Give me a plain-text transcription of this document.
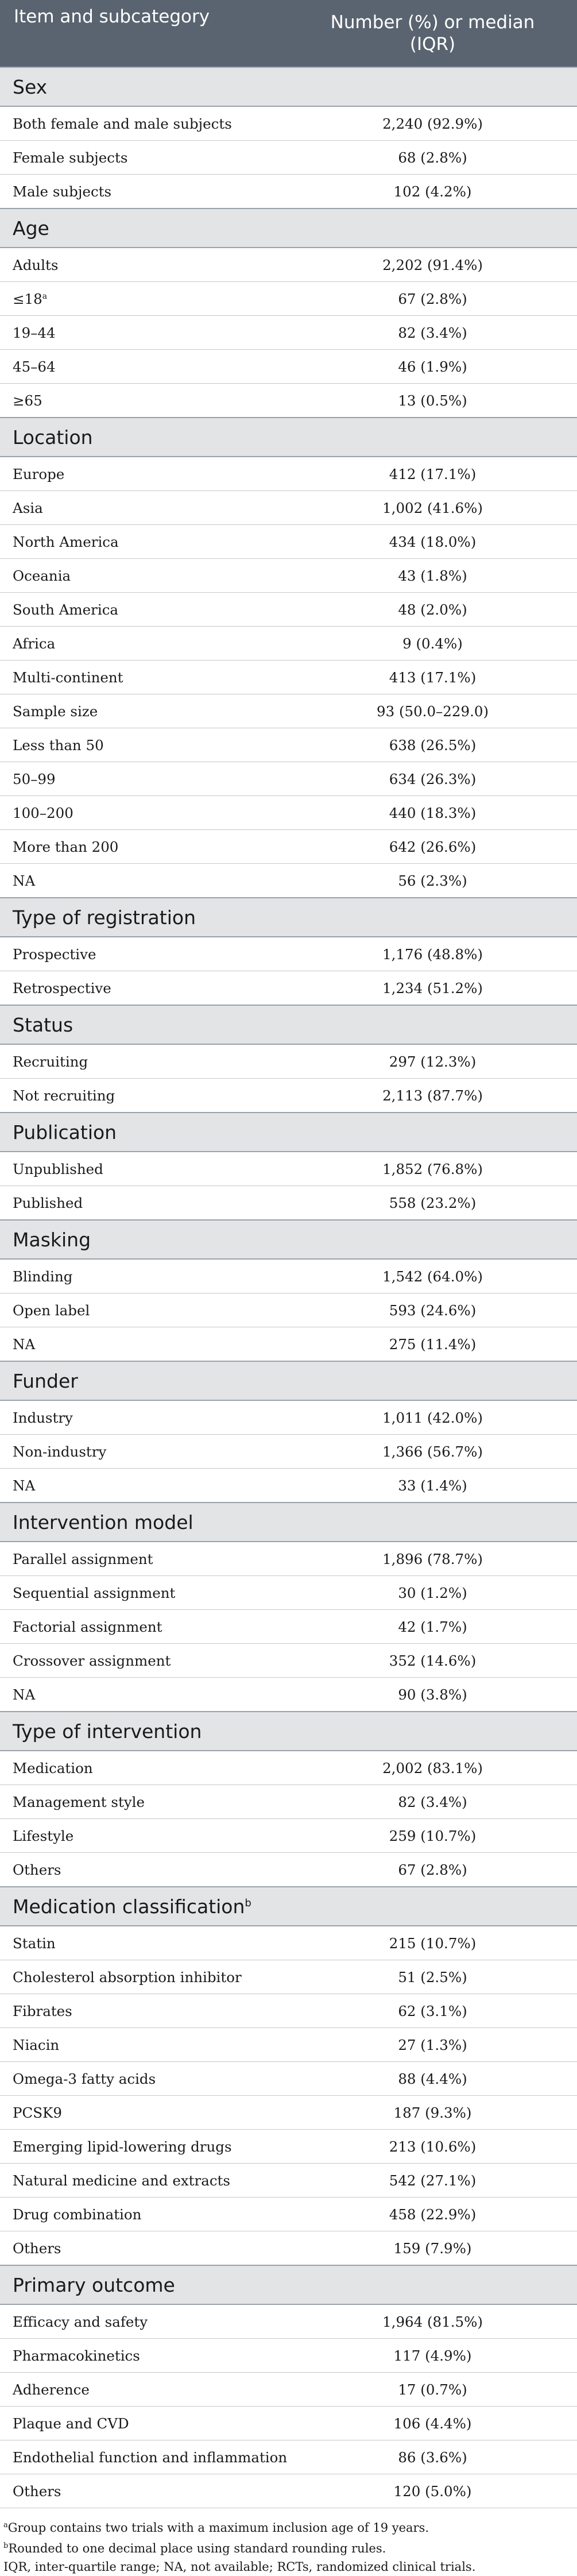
Item and subcategory	Number (%) or median
(IQR)

Sex	
Both female and male subjects	2,240 (92.9%)
Female subjects	68 (2.8%)
Male subjects	102 (4.2%)
Age	
Adults	2,202 (91.4%)
$\le 18^a$	67 (2.8%)
19–44	82 (3.4%)
45–64	46 (1.9%)
≥65	13 (0.5%)
Location	
Europe	412 (17.1%)
Asia	1,002 (41.6%)
North America	434 (18.0%)
Oceania	43 (1.8%)
South America	48 (2.0%)
Africa	9 (0.4%)
Multi-continent	413 (17.1%)
Sample size	93 (50.0–229.0)
Less than 50	638 (26.5%)
50–99	634 (26.3%)
100–200	440 (18.3%)
More than 200	642 (26.6%)
NA	56 (2.3%)
Type of registration	
Prospective	1,176 (48.8%)
Retrospective	1,234 (51.2%)
Status	
Recruiting	297 (12.3%)
Not recruiting	2,113 (87.7%)
Publication	
Unpublished	1,852 (76.8%)
Published	558 (23.2%)
Masking	
Blinding	1,542 (64.0%)
Open label	593 (24.6%)
NA	275 (11.4%)
Funder	
Industry	1,011 (42.0%)
Non-industry	1,366 (56.7%)
NA	33 (1.4%)
Intervention model	
Parallel assignment	1,896 (78.7%)
Sequential assignment	30 (1.2%)
Factorial assignment	42 (1.7%)
Crossover assignment	352 (14.6%)
NA	90 (3.8%)
Type of intervention	
Medication	2,002 (83.1%)
Management style	82 (3.4%)
Lifestyle	259 (10.7%)
Others	67 (2.8%)
Medication classification$^b$
Statin	215 (10.7%)
Cholesterol absorption inhibitor	51 (2.5%)
Fibrates	62 (3.1%)
Niacin	27 (1.3%)
Omega-3 fatty acids	88 (4.4%)
PCSK9	187 (9.3%)
Emerging lipid-lowering drugs	213 (10.6%)
Natural medicine and extracts	542 (27.1%)
Drug combination	458 (22.9%)
Others	159 (7.9%)
Primary outcome	
Efficacy and safety	1,964 (81.5%)
Pharmacokinetics	117 (4.9%)
Adherence	17 (0.7%)
Plaque and CVD	106 (4.4%)
Endothelial function and inflammation	86 (3.6%)
Others	120 (5.0%)
$^a$Group contains two trials with a maximum inclusion age of 19 years.
$^b$Rounded to one decimal place using standard rounding rules.
IQR, inter-quartile range; NA, not available; RCTs, randomized clinical trials.
